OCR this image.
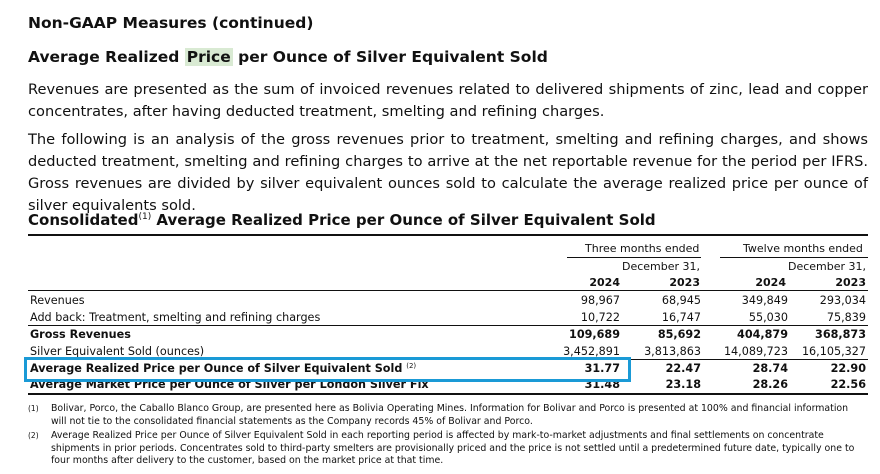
Non-GAAP Measures (continued)
Average Realized Price per Ounce of Silver Equivalent Sold
Revenues are presented as the sum of invoiced revenues related to delivered shipments of zinc, lead and copper concentrates, after having deducted treatment, smelting and refining charges.
The following is an analysis of the gross revenues prior to treatment, smelting and refining charges, and shows deducted treatment, smelting and refining charges to arrive at the net reportable revenue for the period per IFRS. Gross revenues are divided by silver equivalent ounces sold to calculate the average realized price per ounce of silver equivalents sold.
Consolidated$^{(1)}$ Average Realized Price per Ounce of Silver Equivalent Sold
Three months ended
December 31,
Twelve months ended
December 31,
2024	2023	2024	2023
Revenues	98,967	68,945	349,849	293,034
Add back: Treatment, smelting and refining charges	10,722	16,747	55,030	75,839
Gross Revenues	109,689	85,692	404,879 368,873
Silver Equivalent Sold (ounces)	3,452,891 3,813,863 14,089,723 16,105,327
Average Realized Price per Ounce of Silver Equivalent Sold $^{(2)}$	31.77	22.47	28.74	22.90
Average Market Price per Ounce of Silver per London Silver Fix	31.48	23.18	28.26	22.56
(1) Bolivar, Porco, the Caballo Blanco Group, are presented here as Bolivia Operating Mines. Information for Bolivar and Porco is presented at 100% and financial information will not tie to the consolidated financial statements as the Company records 45% of Bolivar and Porco.
(2) Average Realized Price per Ounce of Silver Equivalent Sold in each reporting period is affected by mark-to-market adjustments and final settlements on concentrate shipments in prior periods. Concentrates sold to third-party smelters are provisionally priced and the price is not settled until a predetermined future date, typically one to four months after delivery to the customer, based on the market price at that time.
